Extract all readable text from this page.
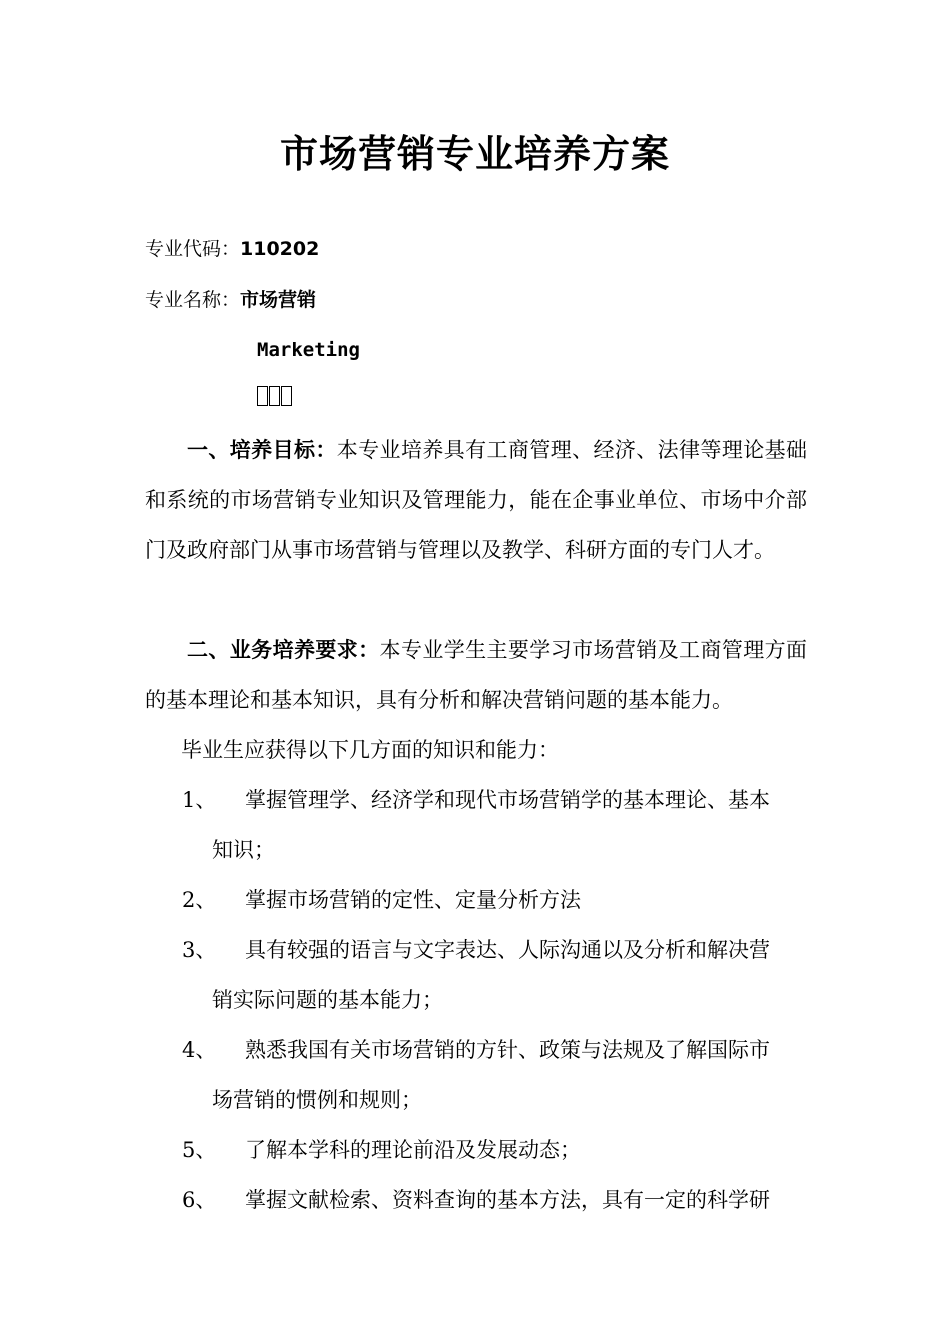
市场营销专业培养方案
专业代码：110202
专业名称：市场营销
Marketing

一、培养目标：本专业培养具有工商管理、经济、法律等理论基础和系统的市场营销专业知识及管理能力，能在企事业单位、市场中介部门及政府部门从事市场营销与管理以及教学、科研方面的专门人才。

二、业务培养要求：本专业学生主要学习市场营销及工商管理方面的基本理论和基本知识，具有分析和解决营销问题的基本能力。

毕业生应获得以下几方面的知识和能力：

1、	掌握管理学、经济学和现代市场营销学的基本理论、基本
知识；
2、	掌握市场营销的定性、定量分析方法
3、	具有较强的语言与文字表达、人际沟通以及分析和解决营
销实际问题的基本能力；
4、	熟悉我国有关市场营销的方针、政策与法规及了解国际市
场营销的惯例和规则；
5、	了解本学科的理论前沿及发展动态；
6、	掌握文献检索、资料查询的基本方法，具有一定的科学研
